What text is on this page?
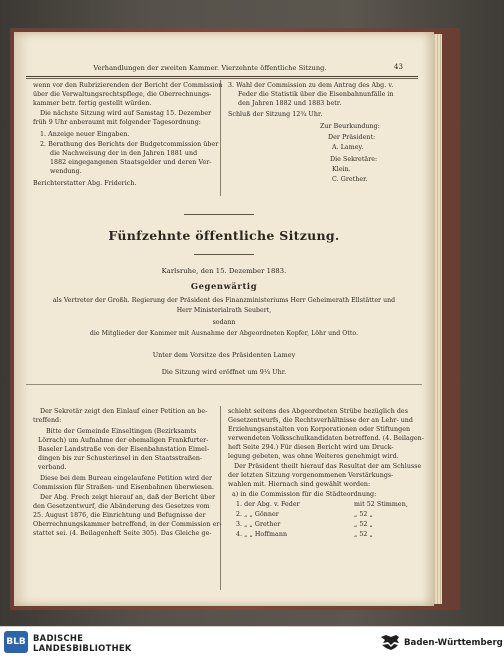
Verhandlungen der zweiten Kammer. Vierzehnte öffentliche Sitzung.	43
wenn vor den Rubrizierenden der Bericht der Commission
über die Verwaltungsrechtspflege, die Oberrechnungs-
kammer betr. fertig gestellt würden.
Die nächste Sitzung wird auf Samstag 15. Dezember
früh 9 Uhr anberaumt mit folgender Tagesordnung:
1. Anzeige neuer Eingaben.
2. Berathung des Berichts der Budgetcommission über
die Nachweisung der in den Jahren 1881 und
1882 eingegangenen Staatsgelder und deren Ver-
wendung.
Berichterstatter Abg. Friderich.
3. Wahl der Commission zu dem Antrag des Abg. v.
Feder die Statistik über die Eisenbahnunfälle in
den Jahren 1882 und 1883 betr.
Schluß der Sitzung 12¾ Uhr.
Zur Beurkundung:
Der Präsident:
A. Lamey.
Die Sekretäre:
Klein.
C. Grether.
Fünfzehnte öffentliche Sitzung.
Karlsruhe, den 15. Dezember 1883.
Gegenwärtig
als Vertreter der Großh. Regierung der Präsident des Finanzministeriums Herr Geheimerath Ellstätter und
Herr Ministerialrath Seubert,
sodann
die Mitglieder der Kammer mit Ausnahme der Abgeordneten Kopfer, Löhr und Otto.
Unter dem Vorsitze des Präsidenten Lamey
Die Sitzung wird eröffnet um 9¼ Uhr.
Der Sekretär zeigt den Einlauf einer Petition an be-
treffend:
Bitte der Gemeinde Einseltingen (Bezirksamts
Lörrach) um Aufnahme der ehemaligen Frankfurter-
Baseler Landstraße von der Eisenbahnstation Eimel-
dingen bis zur Schusterinsel in den Staatsstraßen-
verband.
Diese bei dem Bureau eingelaufene Petition wird der
Commission für Straßen- und Eisenbahnen überwiesen.
Der Abg. Frech zeigt hierauf an, daß der Bericht über
den Gesetzentwurf, die Abänderung des Gesetzes vom
25. August 1876, die Einrichtung und Befugnisse der
Oberrechnungskammer betreffend, in der Commission er-
stattet sei. (4. Beilagenheft Seite 305). Das Gleiche ge-
schieht seitens des Abgeordneten Strübe bezüglich des
Gesetzentwurfs, die Rechtsverhältnisse der an Lehr- und
Erziehungsanstalten von Korporationen oder Stiftungen
verwendeten Volksschulkandidaten betreffend. (4. Beilagen-
heft Seite 294.) Für diesen Bericht wird um Druck-
legung gebeten, was ohne Weiteres genehmigt wird.
Der Präsident theilt hierauf das Resultat der am Schlusse
der letzten Sitzung vorgenommenen Verstärkungs-
wahlen mit. Hiernach sind gewählt worden:
a) in die Commission für die Städteordnung:
1. der Abg. v. Feder	mit 52 Stimmen,
2. „ „ Gönner	„ 52 „
3. „ „ Grether	„ 52 „
4. „ „ Hoffmann	„ 52 „
BLB BADISCHE
LANDESBIBLIOTHEK	Baden-Württemberg
